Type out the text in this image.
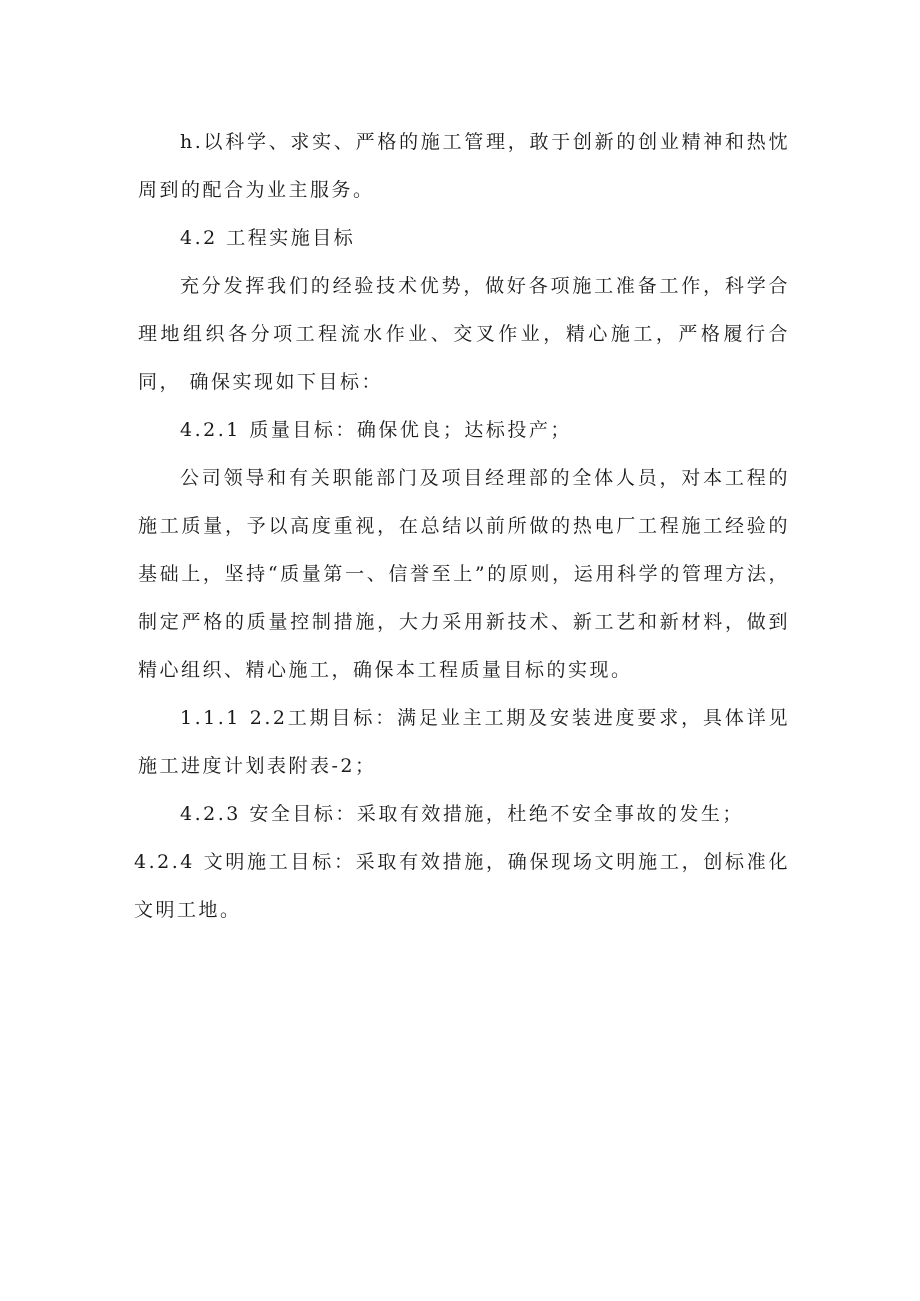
h.以科学、求实、严格的施工管理，敢于创新的创业精神和热忱周到的配合为业主服务。

4.2 工程实施目标

充分发挥我们的经验技术优势，做好各项施工准备工作，科学合 理地组织各分项工程流水作业、交叉作业，精心施工，严格履行合同， 确保实现如下目标：

4.2.1 质量目标：确保优良；达标投产；

公司领导和有关职能部门及项目经理部的全体人员，对本工程的 施工质量，予以高度重视，在总结以前所做的热电厂工程施工经验的 基础上，坚持“质量第一、信誉至上”的原则，运用科学的管理方法， 制定严格的质量控制措施，大力采用新技术、新工艺和新材料，做到 精心组织、精心施工，确保本工程质量目标的实现。

1.1.1 2.2工期目标：满足业主工期及安装进度要求，具体详见施工进度计划表附表-2；

4.2.3 安全目标：采取有效措施，杜绝不安全事故的发生；

4.2.4 文明施工目标：采取有效措施，确保现场文明施工，创标准化 文明工地。
